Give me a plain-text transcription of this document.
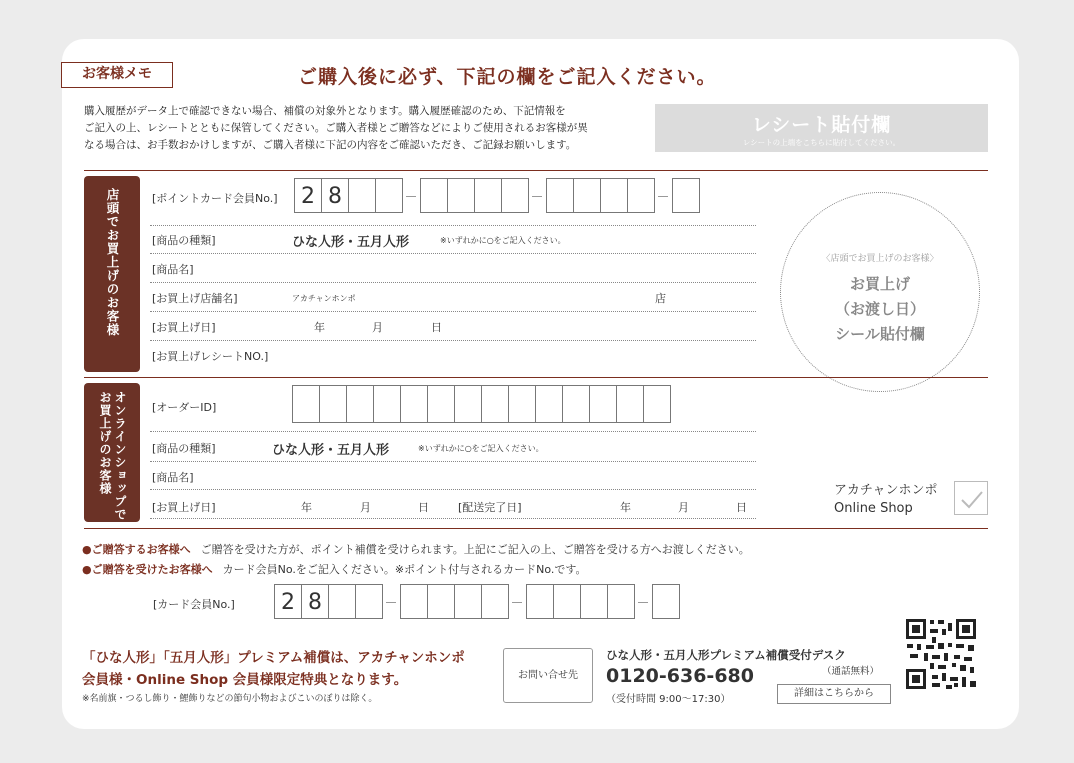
お客様メモ	ご購入後に必ず、下記の欄をご記入ください。
購入履歴がデータ上で確認できない場合、補償の対象外となります。購入履歴確認のため、下記情報を
ご記入の上、レシートとともに保管してください。ご購入者様とご贈答などによりご使用されるお客様が異
なる場合は、お手数おかけしますが、ご購入者様に下記の内容をご確認いただき、ご記録お願いします。
レシート貼付欄
レシートの上端をこちらに貼付してください。
店頭でお買上げのお客様	[ポイントカード会員No.]	2 8
[商品の種類]	ひな人形・五月人形	※いずれかに○をご記入ください。
[商品名]
[お買上げ店舗名]	アカチャンホンポ	店
[お買上げ日]	年	月	日
[お買上げレシートNO.]
〈店頭でお買上げのお客様〉
お買上げ
（お渡し日）
シール貼付欄
オンラインショップでお買上げのお客様	[オーダーID]
[商品の種類]	ひな人形・五月人形	※いずれかに○をご記入ください。
[商品名]
[お買上げ日]	年	月	日	[配送完了日]	年	月	日
アカチャンホンポ
Online Shop
●ご贈答するお客様へ ご贈答を受けた方が、ポイント補償を受けられます。上記にご記入の上、ご贈答を受ける方へお渡しください。
●ご贈答を受けたお客様へ カード会員No.をご記入ください。※ポイント付与されるカードNo.です。
[カード会員No.]	2 8
「ひな人形」「五月人形」プレミアム補償は、アカチャンホンポ
会員様・Online Shop 会員様限定特典となります。
※名前旗・つるし飾り・鯉飾りなどの節句小物およびこいのぼりは除く。
お問い合せ先
ひな人形・五月人形プレミアム補償受付デスク
（通話無料）
0120-636-680
（受付時間 9:00〜17:30）
詳細はこちらから
